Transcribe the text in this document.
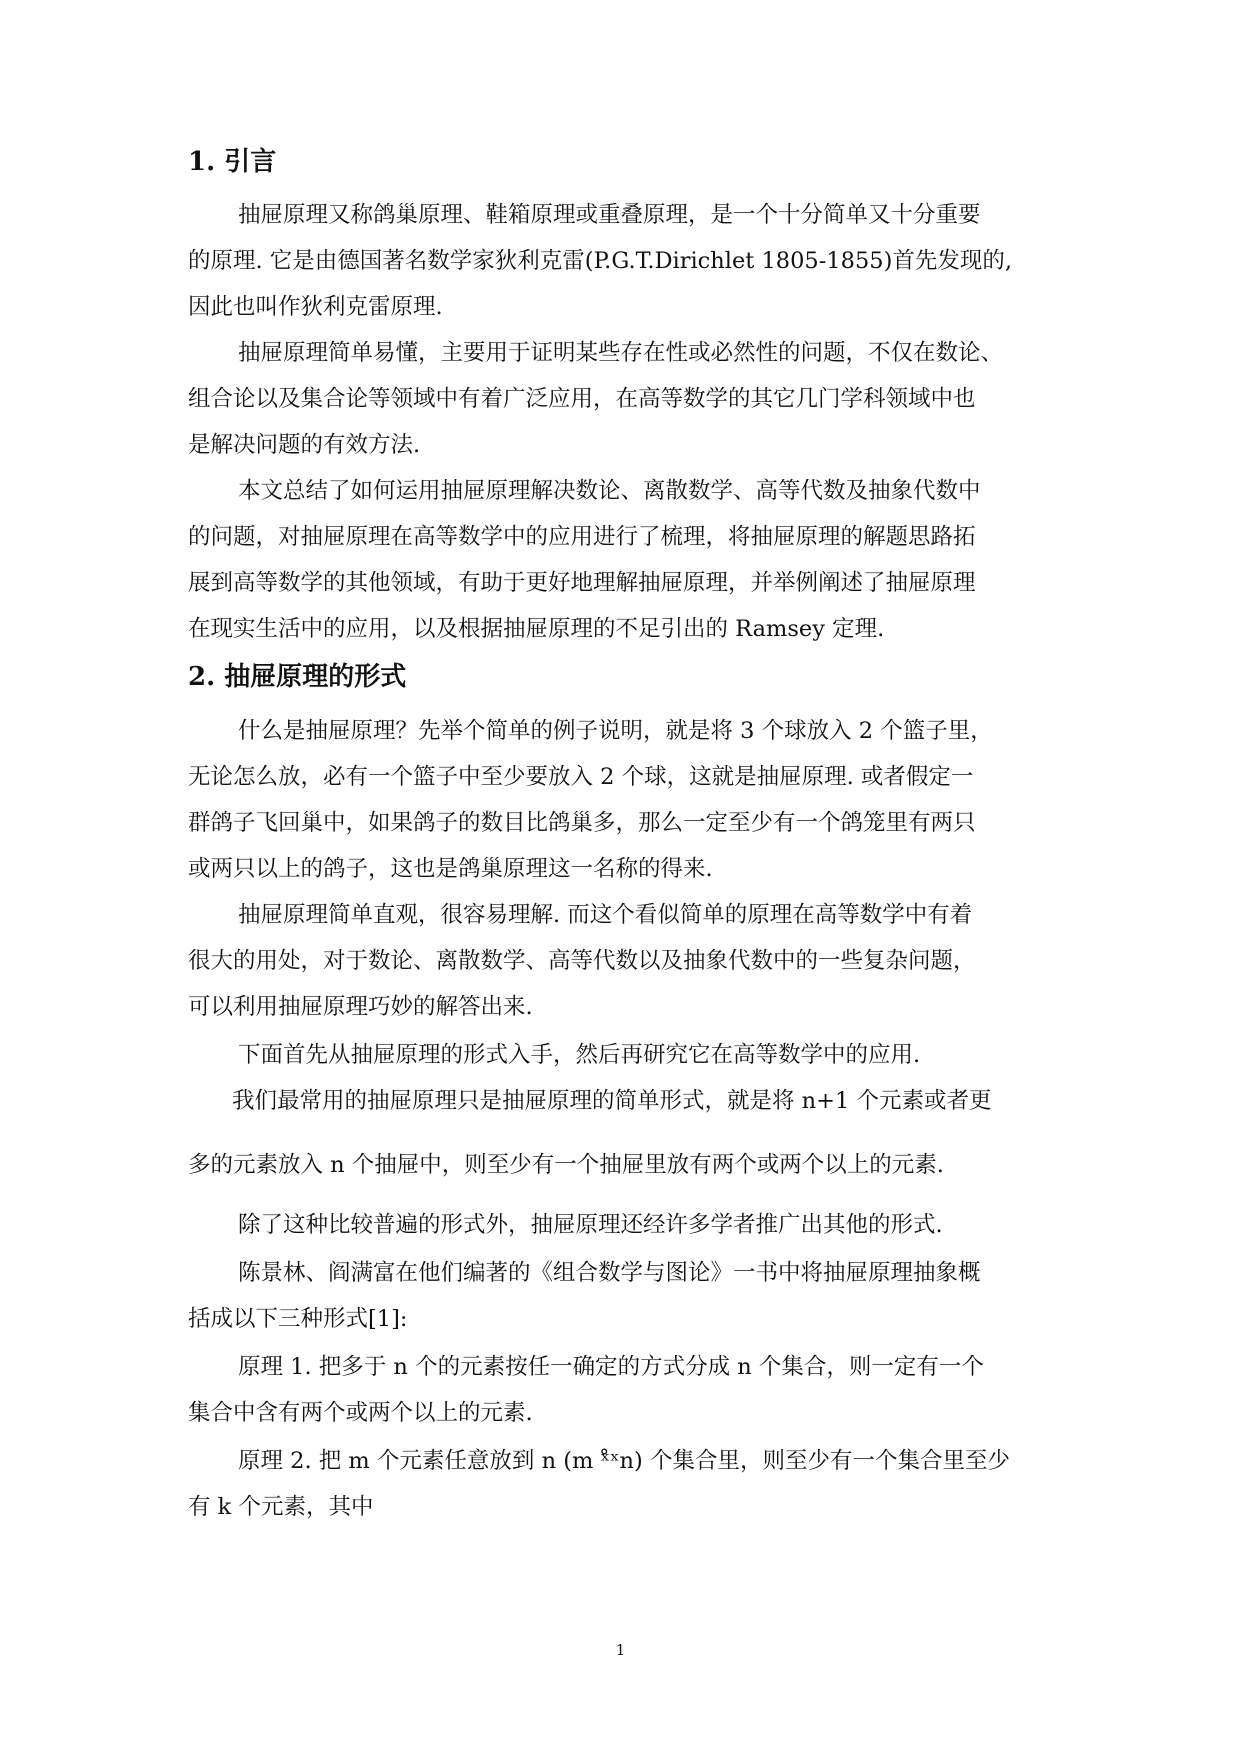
1. 引言

抽屉原理又称鸽巢原理、鞋箱原理或重叠原理，是一个十分简单又十分重要

的原理. 它是由德国著名数学家狄利克雷(P.G.T.Dirichlet 1805-1855)首先发现的,

因此也叫作狄利克雷原理.

抽屉原理简单易懂，主要用于证明某些存在性或必然性的问题，不仅在数论、

组合论以及集合论等领域中有着广泛应用，在高等数学的其它几门学科领域中也

是解决问题的有效方法.

本文总结了如何运用抽屉原理解决数论、离散数学、高等代数及抽象代数中

的问题，对抽屉原理在高等数学中的应用进行了梳理，将抽屉原理的解题思路拓

展到高等数学的其他领域，有助于更好地理解抽屉原理，并举例阐述了抽屉原理

在现实生活中的应用，以及根据抽屉原理的不足引出的 Ramsey 定理.

2. 抽屉原理的形式

什么是抽屉原理？先举个简单的例子说明，就是将 3 个球放入 2 个篮子里，

无论怎么放，必有一个篮子中至少要放入 2 个球，这就是抽屉原理. 或者假定一

群鸽子飞回巢中，如果鸽子的数目比鸽巢多，那么一定至少有一个鸽笼里有两只

或两只以上的鸽子，这也是鸽巢原理这一名称的得来.

抽屉原理简单直观，很容易理解. 而这个看似简单的原理在高等数学中有着

很大的用处，对于数论、离散数学、高等代数以及抽象代数中的一些复杂问题，

可以利用抽屉原理巧妙的解答出来.

下面首先从抽屉原理的形式入手，然后再研究它在高等数学中的应用.

我们最常用的抽屉原理只是抽屉原理的简单形式，就是将 n+1 个元素或者更

多的元素放入 n 个抽屉中，则至少有一个抽屉里放有两个或两个以上的元素.

除了这种比较普遍的形式外，抽屉原理还经许多学者推广出其他的形式.

陈景林、阎满富在他们编著的《组合数学与图论》一书中将抽屉原理抽象概

括成以下三种形式[1]:

原理 1. 把多于 n 个的元素按任一确定的方式分成 n 个集合，则一定有一个

集合中含有两个或两个以上的元素.

原理 2. 把 m 个元素任意放到 n (m ˣ̊ˣn) 个集合里，则至少有一个集合里至少

有 k 个元素，其中

1
